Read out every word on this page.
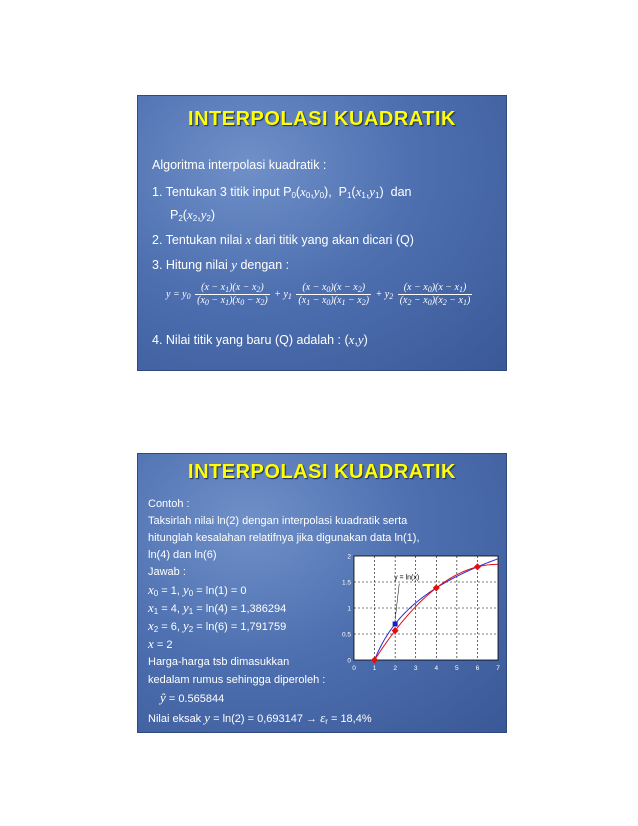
INTERPOLASI KUADRATIK
Algoritma interpolasi kuadratik :
1. Tentukan 3 titik input $P_0(x_0,y_0)$,  $P_1(x_1,y_1)$  dan
$P_2(x_2,y_2)$
2. Tentukan nilai x dari titik yang akan dicari (Q)
3. Hitung nilai y dengan :
$y = y_0 \frac{(x - x_1)(x - x_2)}{(x_0 - x_1)(x_0 - x_2)} + y_1 \frac{(x - x_0)(x - x_2)}{(x_1 - x_0)(x_1 - x_2)} + y_2 \frac{(x - x_0)(x - x_1)}{(x_2 - x_0)(x_2 - x_1)}$
4. Nilai titik yang baru (Q) adalah : (x,y)
INTERPOLASI KUADRATIK
Contoh :
Taksirlah nilai ln(2) dengan interpolasi kuadratik serta
hitunglah kesalahan relatifnya jika digunakan data ln(1),
ln(4) dan ln(6)
Jawab :
$x_0 = 1$, $y_0 = \ln(1) = 0$
$x_1 = 4$, $y_1 = \ln(4) = 1,386294$
$x_2 = 6$, $y_2 = \ln(6) = 1,791759$
x = 2
Harga-harga tsb dimasukkan
kedalam rumus sehingga diperoleh :
ŷ = 0.565844
Nilai eksak $y = \ln(2) = 0,693147 \to \varepsilon_r = 18,4\%$
0	1	2	3	4	5	6	7
0
0.5
1
1.5
2
y = ln(x)
